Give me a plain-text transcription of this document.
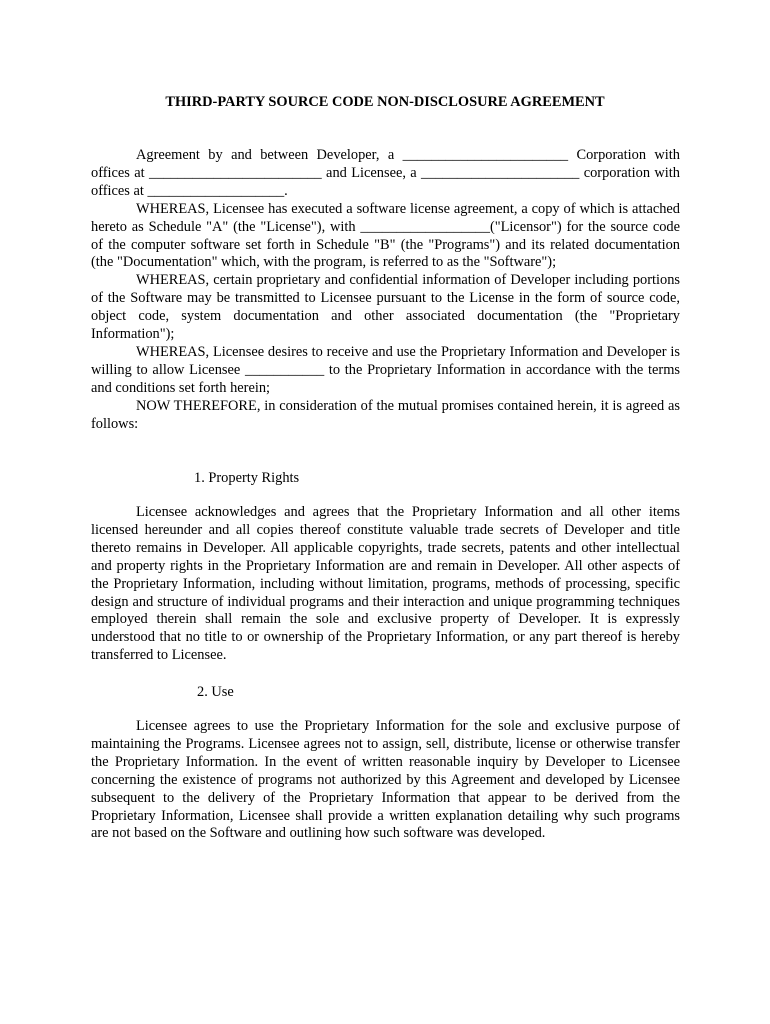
THIRD-PARTY SOURCE CODE NON-DISCLOSURE AGREEMENT

Agreement by and between Developer, a _______________________ Corporation with offices at ________________________ and Licensee, a ______________________ corporation with offices at ___________________.

WHEREAS, Licensee has executed a software license agreement, a copy of which is attached hereto as Schedule "A" (the "License"), with __________________("Licensor") for the source code of the computer software set forth in Schedule "B" (the "Programs") and its related documentation (the "Documentation" which, with the program, is referred to as the "Software");

WHEREAS, certain proprietary and confidential information of Developer including portions of the Software may be transmitted to Licensee pursuant to the License in the form of source code, object code, system documentation and other associated documentation (the "Proprietary Information");

WHEREAS, Licensee desires to receive and use the Proprietary Information and Developer is willing to allow Licensee ___________ to the Proprietary Information in accordance with the terms and conditions set forth herein;

NOW THEREFORE, in consideration of the mutual promises contained herein, it is agreed as follows:

1. Property Rights

Licensee acknowledges and agrees that the Proprietary Information and all other items licensed hereunder and all copies thereof constitute valuable trade secrets of Developer and title thereto remains in Developer. All applicable copyrights, trade secrets, patents and other intellectual and property rights in the Proprietary Information are and remain in Developer. All other aspects of the Proprietary Information, including without limitation, programs, methods of processing, specific design and structure of individual programs and their interaction and unique programming techniques employed therein shall remain the sole and exclusive property of Developer. It is expressly understood that no title to or ownership of the Proprietary Information, or any part thereof is hereby transferred to Licensee.

2. Use

Licensee agrees to use the Proprietary Information for the sole and exclusive purpose of maintaining the Programs. Licensee agrees not to assign, sell, distribute, license or otherwise transfer the Proprietary Information. In the event of written reasonable inquiry by Developer to Licensee concerning the existence of programs not authorized by this Agreement and developed by Licensee subsequent to the delivery of the Proprietary Information that appear to be derived from the Proprietary Information, Licensee shall provide a written explanation detailing why such programs are not based on the Software and outlining how such software was developed.
